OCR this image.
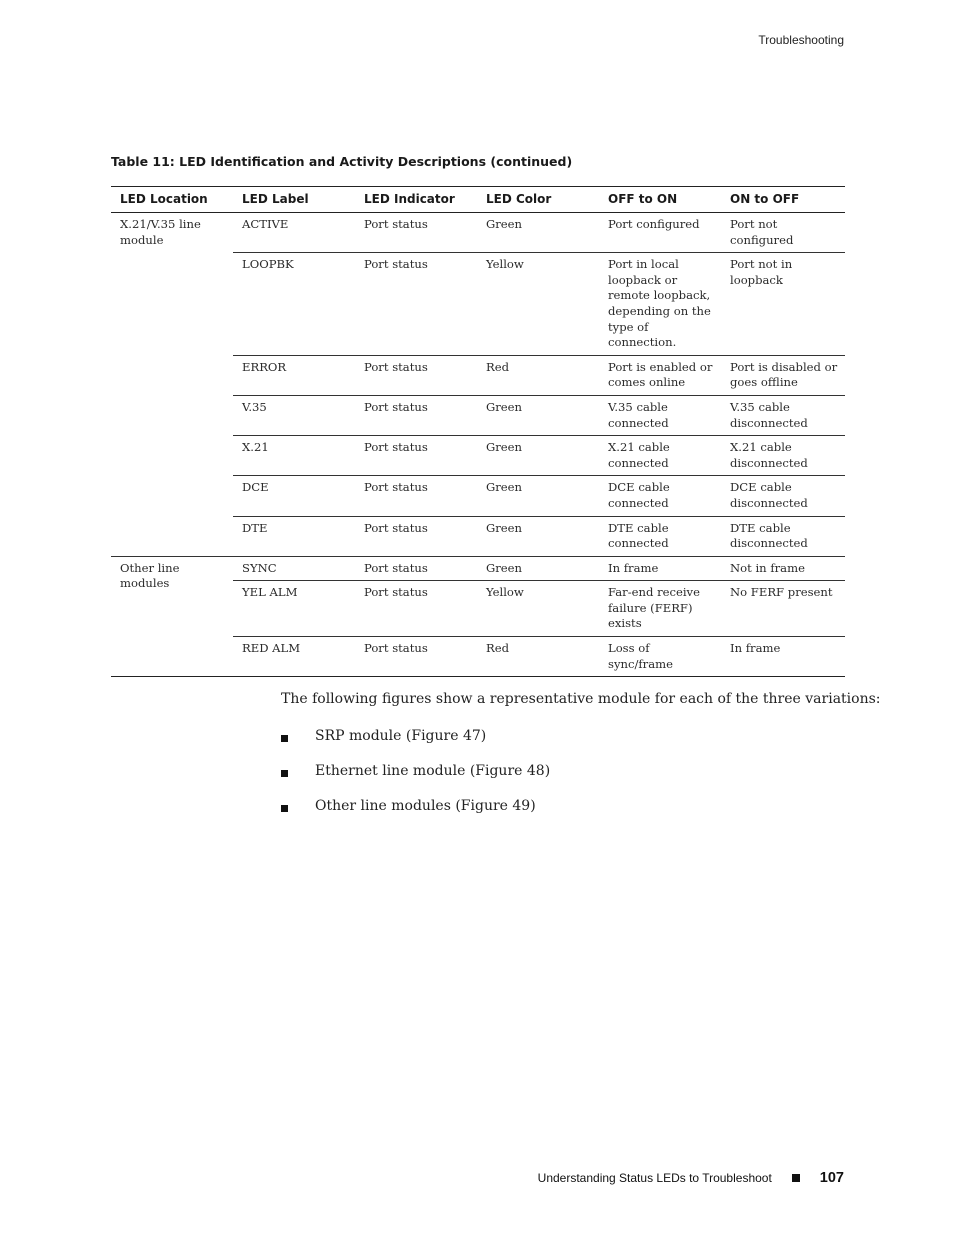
Troubleshooting
Table 11: LED Identification and Activity Descriptions (continued)
LED Location	LED Label	LED Indicator	LED Color	OFF to ON	ON to OFF
X.21/V.35 line module	ACTIVE	Port status	Green	Port configured	Port not configured
	LOOPBK	Port status	Yellow	Port in local loopback or remote loopback, depending on the type of connection.	Port not in loopback
	ERROR	Port status	Red	Port is enabled or comes online	Port is disabled or goes offline
	V.35	Port status	Green	V.35 cable connected	V.35 cable disconnected
	X.21	Port status	Green	X.21 cable connected	X.21 cable disconnected
	DCE	Port status	Green	DCE cable connected	DCE cable disconnected
	DTE	Port status	Green	DTE cable connected	DTE cable disconnected
Other line modules	SYNC	Port status	Green	In frame	Not in frame
	YEL ALM	Port status	Yellow	Far-end receive failure (FERF) exists	No FERF present
	RED ALM	Port status	Red	Loss of sync/frame	In frame
The following figures show a representative module for each of the three variations:
SRP module (Figure 47)
Ethernet line module (Figure 48)
Other line modules (Figure 49)
Understanding Status LEDs to Troubleshoot	107
